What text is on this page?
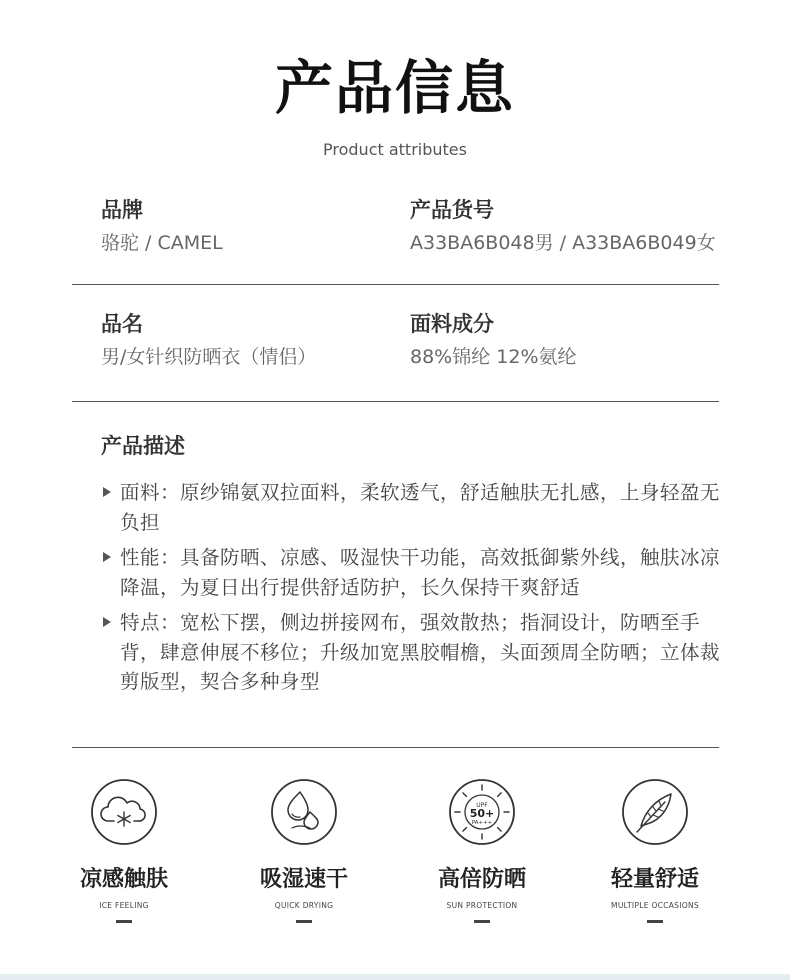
产品信息
Product attributes
品牌
骆驼 / CAMEL
产品货号
A33BA6B048男 / A33BA6B049女
品名
男/女针织防晒衣（情侣）
面料成分
88%锦纶 12%氨纶
产品描述
面料：原纱锦氨双拉面料，柔软透气，舒适触肤无扎感，上身轻盈无负担
性能：具备防晒、凉感、吸湿快干功能，高效抵御紫外线，触肤冰凉降温，为夏日出行提供舒适防护，长久保持干爽舒适
特点：宽松下摆，侧边拼接网布，强效散热；指洞设计，防晒至手背，肆意伸展不移位；升级加宽黑胶帽檐，头面颈周全防晒；立体裁剪版型，契合多种身型
凉感触肤
ICE FEELING
吸湿速干
QUICK DRYING
UPF
50+
PA+++
高倍防晒
SUN PROTECTION
轻量舒适
MULTIPLE OCCASIONS
